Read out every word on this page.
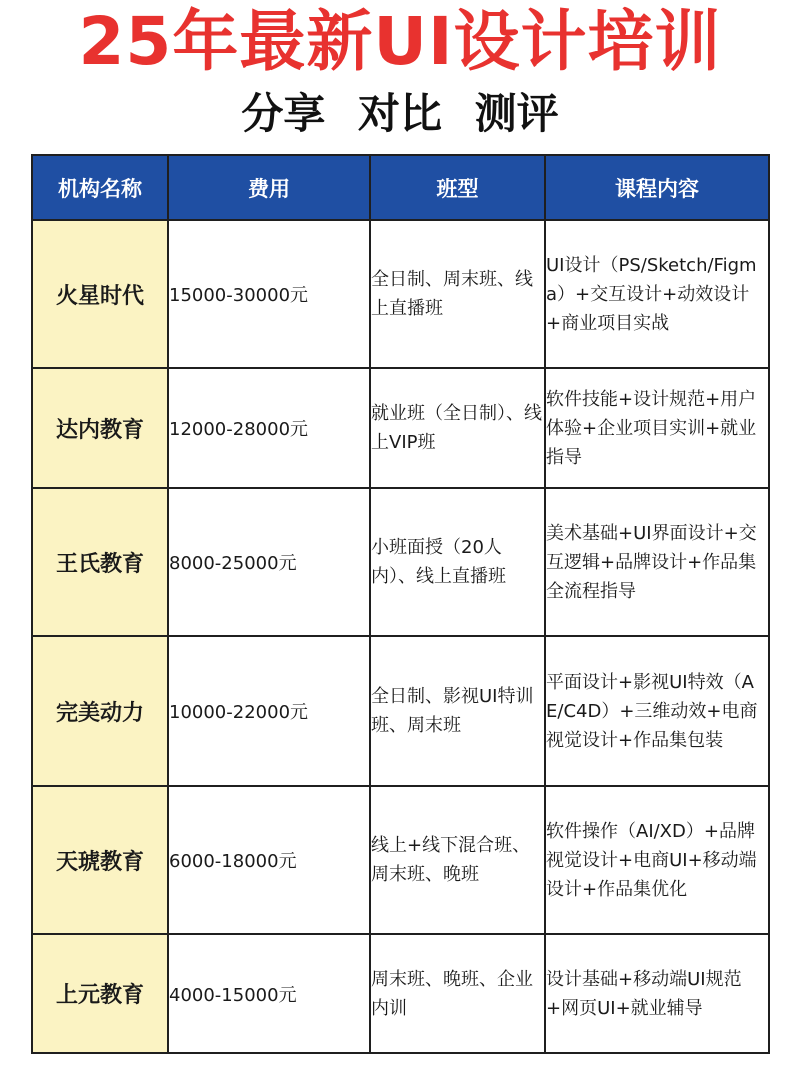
25年最新UI设计培训
分享 对比 测评
机构名称	费用	班型	课程内容
火星时代	15000-30000元	全日制、周末班、线上直播班	UI设计（PS/Sketch/Figma）+交互设计+动效设计+商业项目实战
达内教育	12000-28000元	就业班（全日制）、线上VIP班	软件技能+设计规范+用户体验+企业项目实训+就业指导
王氏教育	8000-25000元	小班面授（20人内）、线上直播班	美术基础+UI界面设计+交互逻辑+品牌设计+作品集全流程指导
完美动力	10000-22000元	全日制、影视UI特训班、周末班	平面设计+影视UI特效（AE/C4D）+三维动效+电商视觉设计+作品集包装
天琥教育	6000-18000元	线上+线下混合班、周末班、晚班	软件操作（AI/XD）+品牌视觉设计+电商UI+移动端设计+作品集优化
上元教育	4000-15000元	周末班、晚班、企业内训	设计基础+移动端UI规范+网页UI+就业辅导
